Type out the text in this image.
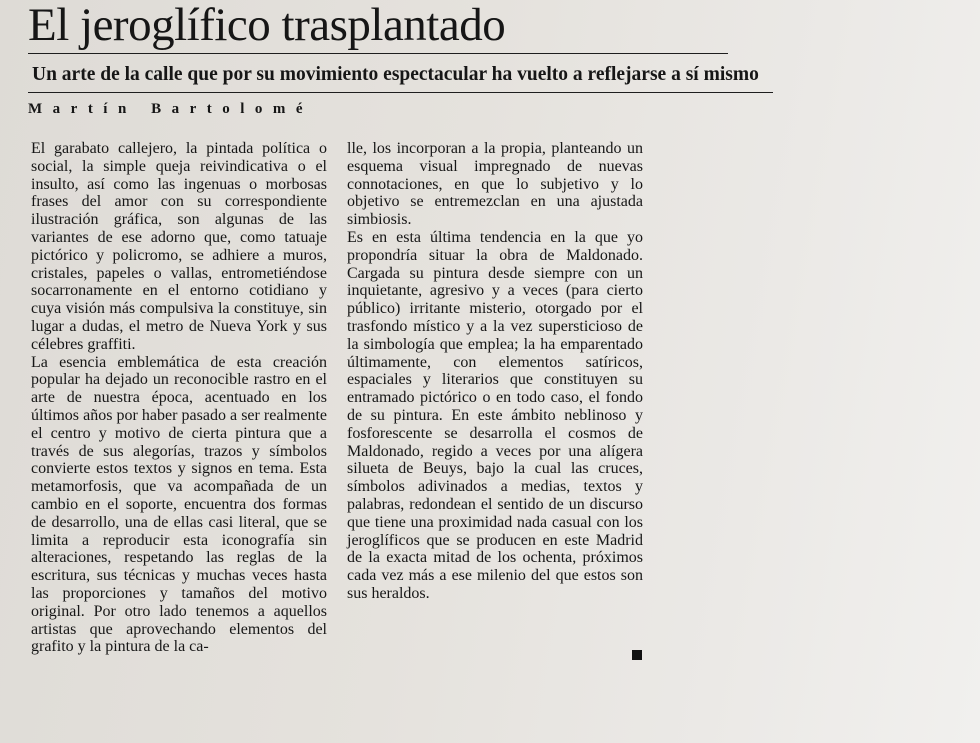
El jeroglífico trasplantado
Un arte de la calle que por su movimiento espectacular ha vuelto a reflejarse a sí mismo
Martín Bartolomé

El garabato callejero, la pintada política o social, la simple queja reivindicativa o el insulto, así como las ingenuas o morbosas frases del amor con su correspondiente ilustración gráfica, son algunas de las variantes de ese adorno que, como tatuaje pictórico y policromo, se adhiere a muros, cristales, papeles o vallas, entrometiéndose socarronamente en el entorno cotidiano y cuya visión más compulsiva la constituye, sin lugar a dudas, el metro de Nueva York y sus célebres graffiti.

La esencia emblemática de esta creación popular ha dejado un reconocible rastro en el arte de nuestra época, acentuado en los últimos años por haber pasado a ser realmente el centro y motivo de cierta pintura que a través de sus alegorías, trazos y símbolos convierte estos textos y signos en tema. Esta metamorfosis, que va acompañada de un cambio en el soporte, encuentra dos formas de desarrollo, una de ellas casi literal, que se limita a reproducir esta iconografía sin alteraciones, respetando las reglas de la escritura, sus técnicas y muchas veces hasta las proporciones y tamaños del motivo original. Por otro lado tenemos a aquellos artistas que aprovechando elementos del grafito y la pintura de la ca-

lle, los incorporan a la propia, planteando un esquema visual impregnado de nuevas connotaciones, en que lo subjetivo y lo objetivo se entremezclan en una ajustada simbiosis.

Es en esta última tendencia en la que yo propondría situar la obra de Maldonado. Cargada su pintura desde siempre con un inquietante, agresivo y a veces (para cierto público) irritante misterio, otorgado por el trasfondo místico y a la vez supersticioso de la simbología que emplea; la ha emparentado últimamente, con elementos satíricos, espaciales y literarios que constituyen su entramado pictórico o en todo caso, el fondo de su pintura. En este ámbito neblinoso y fosforescente se desarrolla el cosmos de Maldonado, regido a veces por una alígera silueta de Beuys, bajo la cual las cruces, símbolos adivinados a medias, textos y palabras, redondean el sentido de un discurso que tiene una proximidad nada casual con los jeroglíficos que se producen en este Madrid de la exacta mitad de los ochenta, próximos cada vez más a ese milenio del que estos son sus heraldos.
